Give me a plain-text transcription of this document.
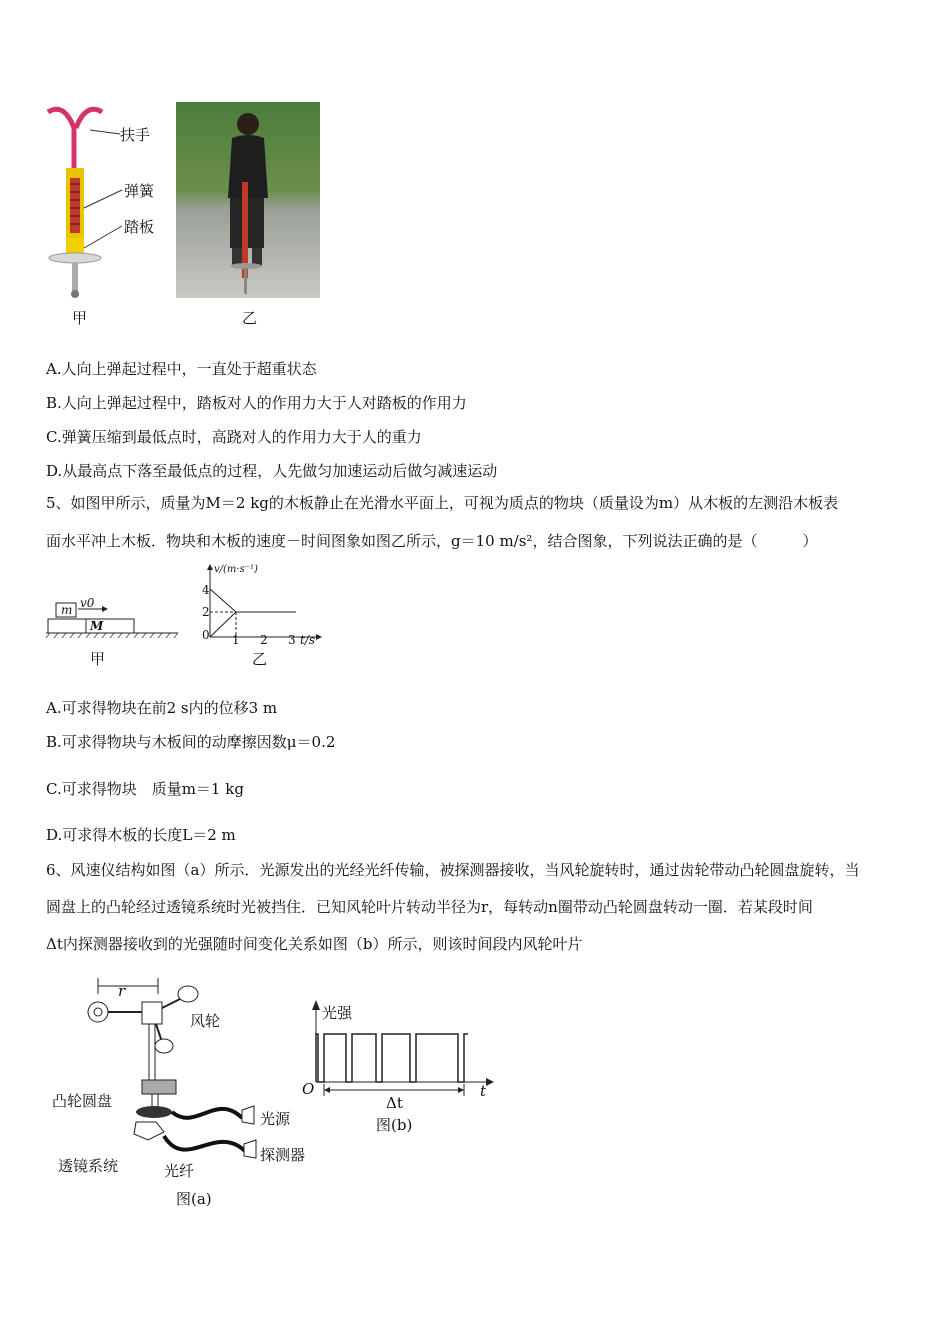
扶手
弹簧
踏板
甲	乙
A.人向上弹起过程中，一直处于超重状态
B.人向上弹起过程中，踏板对人的作用力大于人对踏板的作用力
C.弹簧压缩到最低点时，高跷对人的作用力大于人的重力
D.从最高点下落至最低点的过程，人先做匀加速运动后做匀减速运动
5、如图甲所示，质量为M＝2 kg的木板静止在光滑水平面上，可视为质点的物块（质量设为m）从木板的左测沿木板表
面水平冲上木板．物块和木板的速度－时间图象如图乙所示，g＝10 m/s²，结合图象，下列说法正确的是（　　　）
m v0
M
甲
v/(m·s⁻¹)
4
2
0 1 2 3 t/s
乙
A.可求得物块在前2 s内的位移3 m
B.可求得物块与木板间的动摩擦因数μ＝0.2
C.可求得物块　质量m＝1 kg
D.可求得木板的长度L＝2 m
6、风速仪结构如图（a）所示．光源发出的光经光纤传输，被探测器接收，当风轮旋转时，通过齿轮带动凸轮圆盘旋转，当
圆盘上的凸轮经过透镜系统时光被挡住．已知风轮叶片转动半径为r，每转动n圈带动凸轮圆盘转动一圈．若某段时间
Δt内探测器接收到的光强随时间变化关系如图（b）所示，则该时间段内风轮叶片
r
风轮
凸轮圆盘
光源
透镜系统	光纤
探测器
图(a)
光强
O	t
Δt
图(b)
